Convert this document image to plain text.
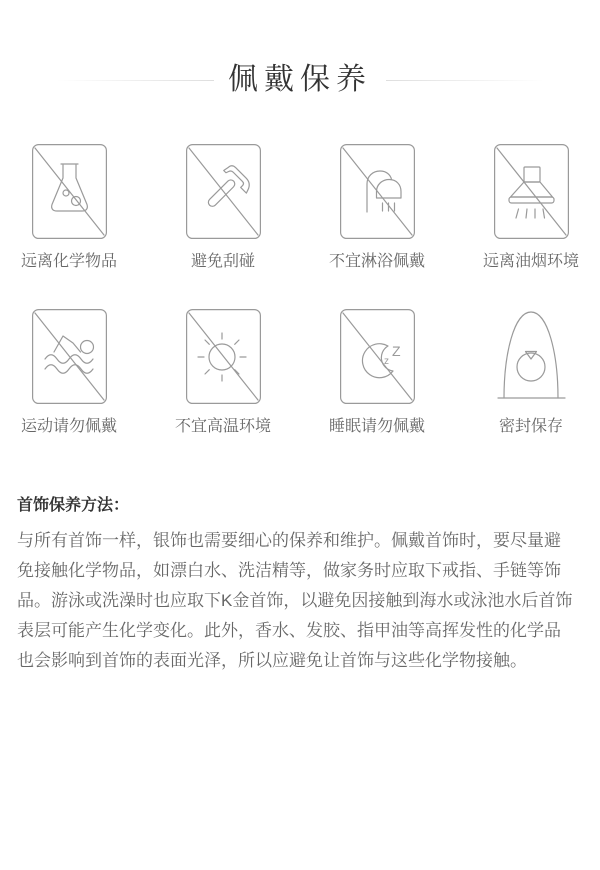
佩戴保养
远离化学物品	避免刮碰	不宜淋浴佩戴	远离油烟环境
运动请勿佩戴	不宜高温环境
z
Z
睡眠请勿佩戴	密封保存
首饰保养方法：
与所有首饰一样，银饰也需要细心的保养和维护。佩戴首饰时，要尽量避免接触化学物品，如漂白水、洗洁精等，做家务时应取下戒指、手链等饰品。游泳或洗澡时也应取下K金首饰，以避免因接触到海水或泳池水后首饰表层可能产生化学变化。此外，香水、发胶、指甲油等高挥发性的化学品也会影响到首饰的表面光泽，所以应避免让首饰与这些化学物接触。
